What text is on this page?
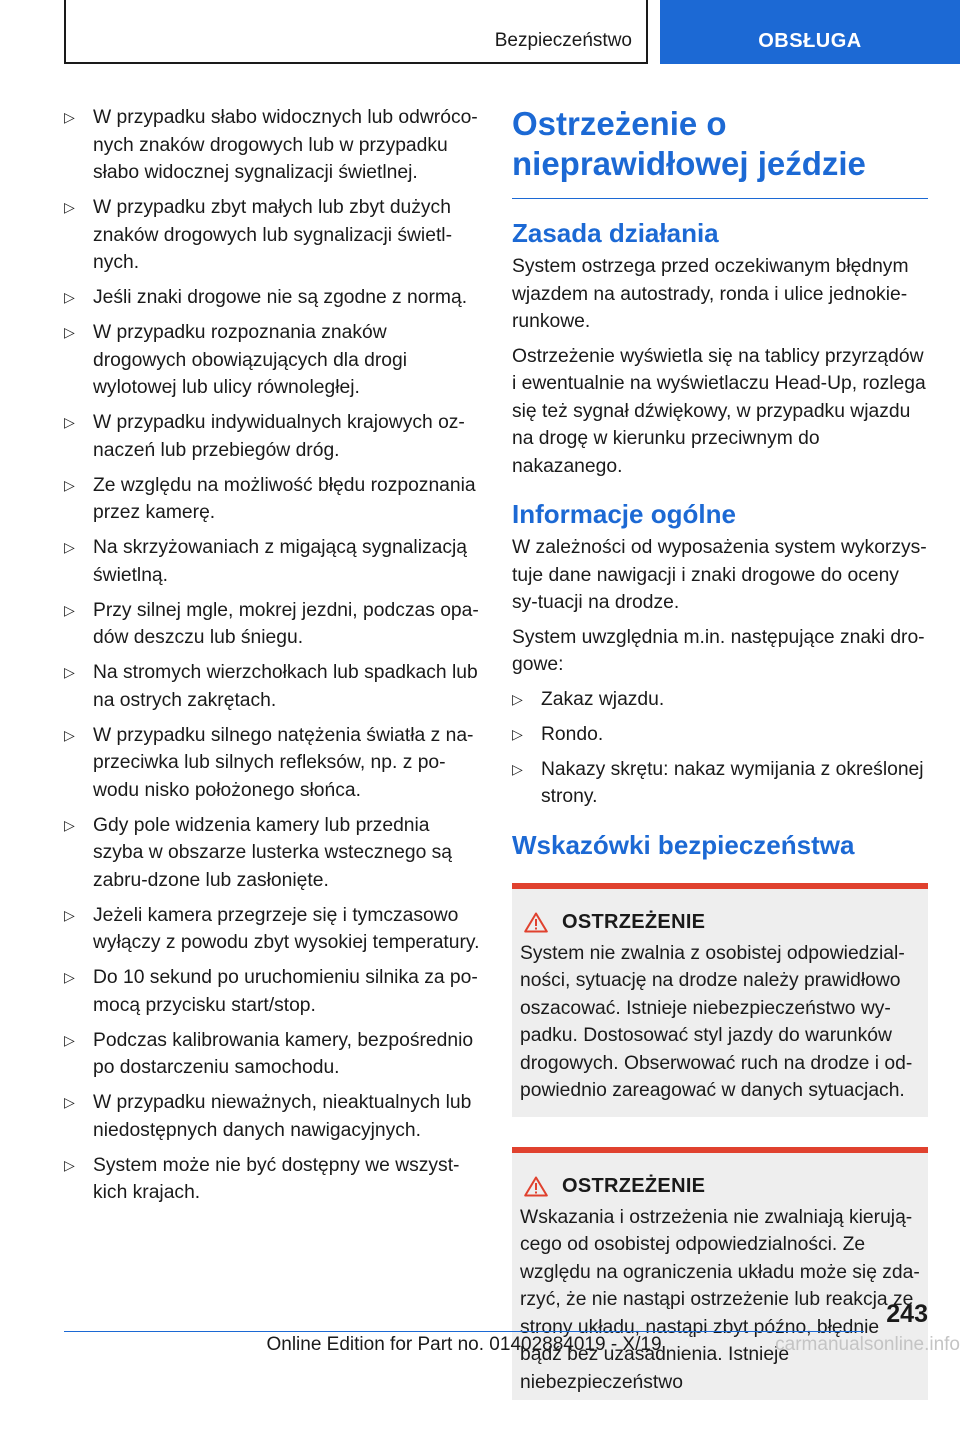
Bezpieczeństwo	OBSŁUGA
▷ W przypadku słabo widocznych lub odwróco‐nych znaków drogowych lub w przypadku słabo widocznej sygnalizacji świetlnej.
▷ W przypadku zbyt małych lub zbyt dużych znaków drogowych lub sygnalizacji świetl‐nych.
▷ Jeśli znaki drogowe nie są zgodne z normą.
▷ W przypadku rozpoznania znaków drogowych obowiązujących dla drogi wylotowej lub ulicy równoległej.
▷ W przypadku indywidualnych krajowych oz‐naczeń lub przebiegów dróg.
▷ Ze względu na możliwość błędu rozpoznania przez kamerę.
▷ Na skrzyżowaniach z migającą sygnalizacją świetlną.
▷ Przy silnej mgle, mokrej jezdni, podczas opa‐dów deszczu lub śniegu.
▷ Na stromych wierzchołkach lub spadkach lub na ostrych zakrętach.
▷ W przypadku silnego natężenia światła z na‐przeciwka lub silnych refleksów, np. z po‐wodu nisko położonego słońca.
▷ Gdy pole widzenia kamery lub przednia szyba w obszarze lusterka wstecznego są zabru‐dzone lub zasłonięte.
▷ Jeżeli kamera przegrzeje się i tymczasowo wyłączy z powodu zbyt wysokiej temperatury.
▷ Do 10 sekund po uruchomieniu silnika za po‐mocą przycisku start/stop.
▷ Podczas kalibrowania kamery, bezpośrednio po dostarczeniu samochodu.
▷ W przypadku nieważnych, nieaktualnych lub niedostępnych danych nawigacyjnych.
▷ System może nie być dostępny we wszyst‐kich krajach.
Ostrzeżenie o
nieprawidłowej jeździe
Zasada działania

System ostrzega przed oczekiwanym błędnym wjazdem na autostrady, ronda i ulice jednokie‐runkowe.

Ostrzeżenie wyświetla się na tablicy przyrządów i ewentualnie na wyświetlaczu Head-Up, rozlega się też sygnał dźwiękowy, w przypadku wjazdu na drogę w kierunku przeciwnym do nakazanego.

Informacje ogólne

W zależności od wyposażenia system wykorzys‐tuje dane nawigacji i znaki drogowe do oceny sy‐tuacji na drodze.

System uwzględnia m.in. następujące znaki dro‐gowe:

▷ Zakaz wjazdu.
▷ Rondo.
▷ Nakazy skrętu: nakaz wymijania z określonej strony.
Wskazówki bezpieczeństwa
OSTRZEŻENIE
System nie zwalnia z osobistej odpowiedzial‐ności, sytuację na drodze należy prawidłowo oszacować. Istnieje niebezpieczeństwo wy‐padku. Dostosować styl jazdy do warunków drogowych. Obserwować ruch na drodze i od‐powiednio zareagować w danych sytuacjach.
OSTRZEŻENIE
Wskazania i ostrzeżenia nie zwalniają kierują‐cego od osobistej odpowiedzialności. Ze względu na ograniczenia układu może się zda‐rzyć, że nie nastąpi ostrzeżenie lub reakcja ze strony układu, nastąpi zbyt późno, błędnie bądź bez uzasadnienia. Istnieje niebezpieczeństwo
243
Online Edition for Part no. 01402884019 - X/19	carmanualsonline.info
